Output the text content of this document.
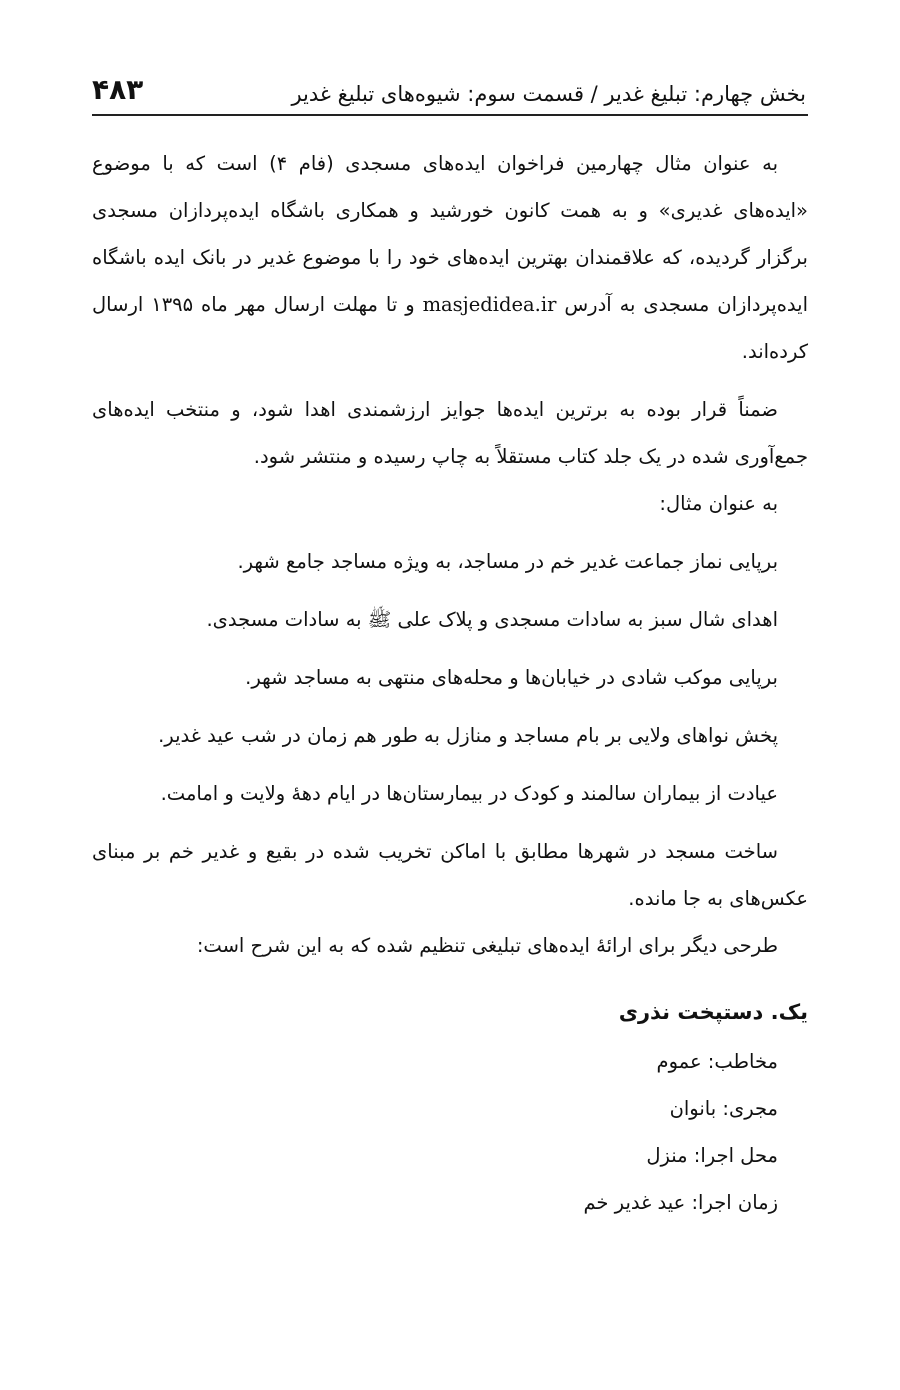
بخش چهارم: تبلیغ غدیر / قسمت سوم: شیوه‌های تبلیغ غدیر
۴۸۳

به عنوان مثال چهارمین فراخوان ایده‌های مسجدی (فام ۴) است که با موضوع «ایده‌های غدیری» و به همت کانون خورشید و همکاری باشگاه ایده‌پردازان مسجدی برگزار گردیده، که علاقمندان بهترین ایده‌های خود را با موضوع غدیر در بانک ایده باشگاه ایده‌پردازان مسجدی به آدرس masjedidea.ir و تا مهلت ارسال مهر ماه ۱۳۹۵ ارسال کرده‌اند.

ضمناً قرار بوده به برترین ایده‌ها جوایز ارزشمندی اهدا شود، و منتخب ایده‌های جمع‌آوری شده در یک جلد کتاب مستقلاً به چاپ رسیده و منتشر شود.

به عنوان مثال:

برپایی نماز جماعت غدیر خم در مساجد، به ویژه مساجد جامع شهر.

اهدای شال سبز به سادات مسجدی و پلاک علی ﷺ به سادات مسجدی.

برپایی موکب شادی در خیابان‌ها و محله‌های منتهی به مساجد شهر.

پخش نواهای ولایی بر بام مساجد و منازل به طور هم زمان در شب عید غدیر.

عیادت از بیماران سالمند و کودک در بیمارستان‌ها در ایام دههٔ ولایت و امامت.

ساخت مسجد در شهرها مطابق با اماکن تخریب شده در بقیع و غدیر خم بر مبنای عکس‌های به جا مانده.

طرحی دیگر برای ارائهٔ ایده‌های تبلیغی تنظیم شده که به این شرح است:

یک. دستپخت نذری

مخاطب: عموم

مجری: بانوان

محل اجرا: منزل

زمان اجرا: عید غدیر خم
